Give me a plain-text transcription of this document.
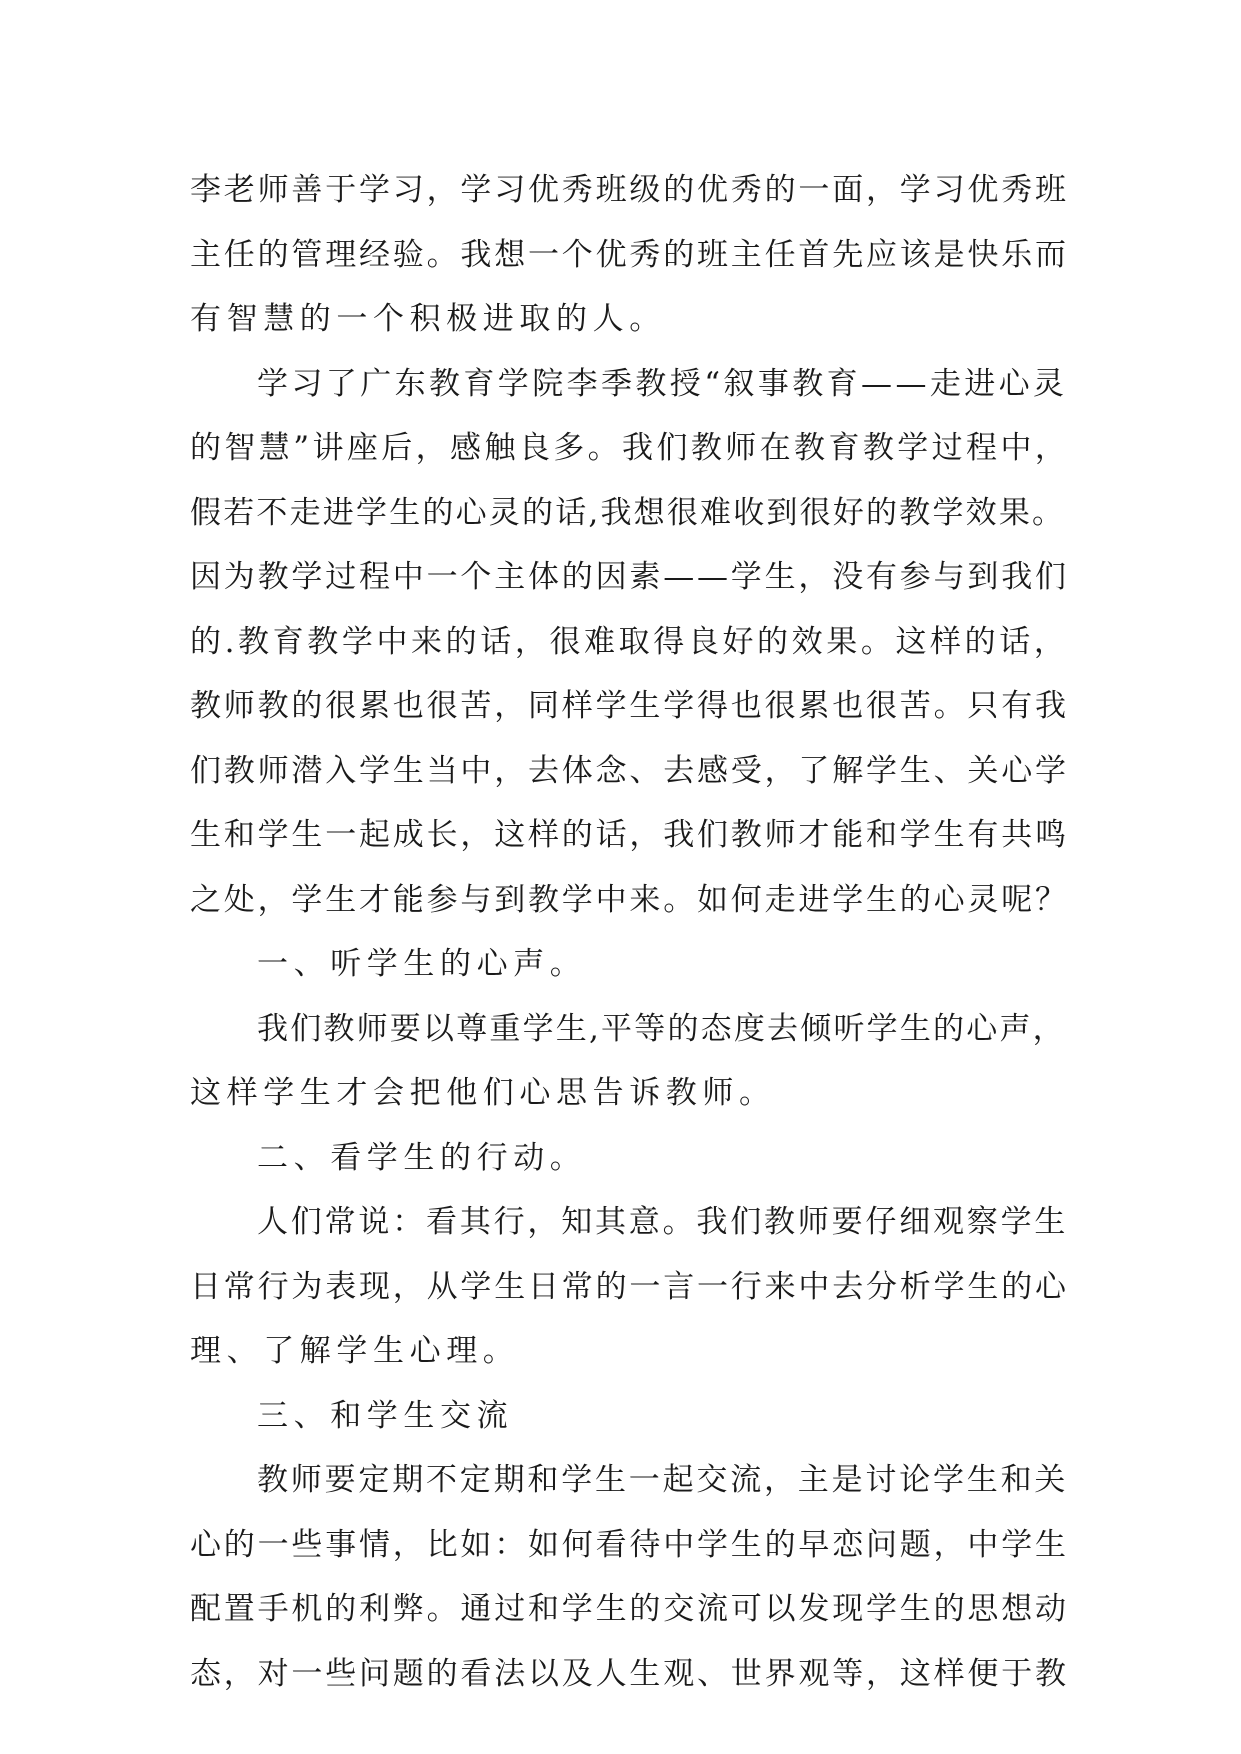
李老师善于学习，学习优秀班级的优秀的一面，学习优秀班
主任的管理经验。我想一个优秀的班主任首先应该是快乐而
有智慧的一个积极进取的人。
学习了广东教育学院李季教授“叙事教育——走进心灵
的智慧”讲座后，感触良多。我们教师在教育教学过程中，
假若不走进学生的心灵的话,我想很难收到很好的教学效果。
因为教学过程中一个主体的因素——学生，没有参与到我们
的.教育教学中来的话，很难取得良好的效果。这样的话，
教师教的很累也很苦，同样学生学得也很累也很苦。只有我
们教师潜入学生当中，去体念、去感受，了解学生、关心学
生和学生一起成长，这样的话，我们教师才能和学生有共鸣
之处，学生才能参与到教学中来。如何走进学生的心灵呢？
一、听学生的心声。
我们教师要以尊重学生,平等的态度去倾听学生的心声，
这样学生才会把他们心思告诉教师。
二、看学生的行动。
人们常说：看其行，知其意。我们教师要仔细观察学生
日常行为表现，从学生日常的一言一行来中去分析学生的心
理、了解学生心理。
三、和学生交流
教师要定期不定期和学生一起交流，主是讨论学生和关
心的一些事情，比如：如何看待中学生的早恋问题，中学生
配置手机的利弊。通过和学生的交流可以发现学生的思想动
态，对一些问题的看法以及人生观、世界观等，这样便于教
